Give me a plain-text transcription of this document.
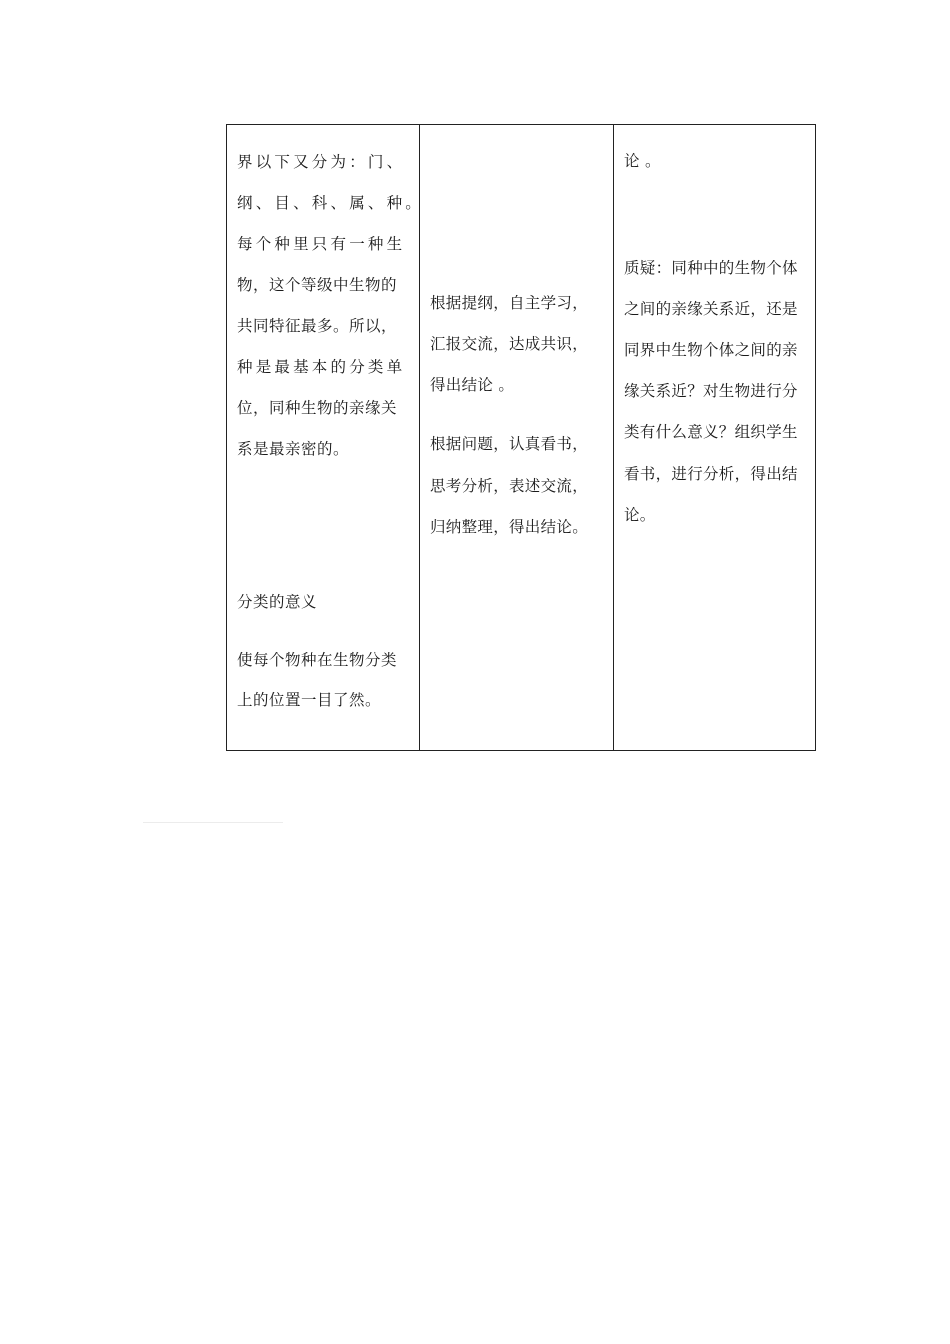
界以下又分为：门、
纲、目、科、属、种。
每个种里只有一种生
物，这个等级中生物的
共同特征最多。所以，
种是最基本的分类单
位，同种生物的亲缘关
系是最亲密的。
分类的意义
使每个物种在生物分类
上的位置一目了然。
根据提纲，自主学习，
汇报交流，达成共识，
得出结论 。
根据问题，认真看书，
思考分析，表述交流，
归纳整理，得出结论。
论 。
质疑：同种中的生物个体
之间的亲缘关系近，还是
同界中生物个体之间的亲
缘关系近？对生物进行分
类有什么意义？组织学生
看书，进行分析，得出结
论。
